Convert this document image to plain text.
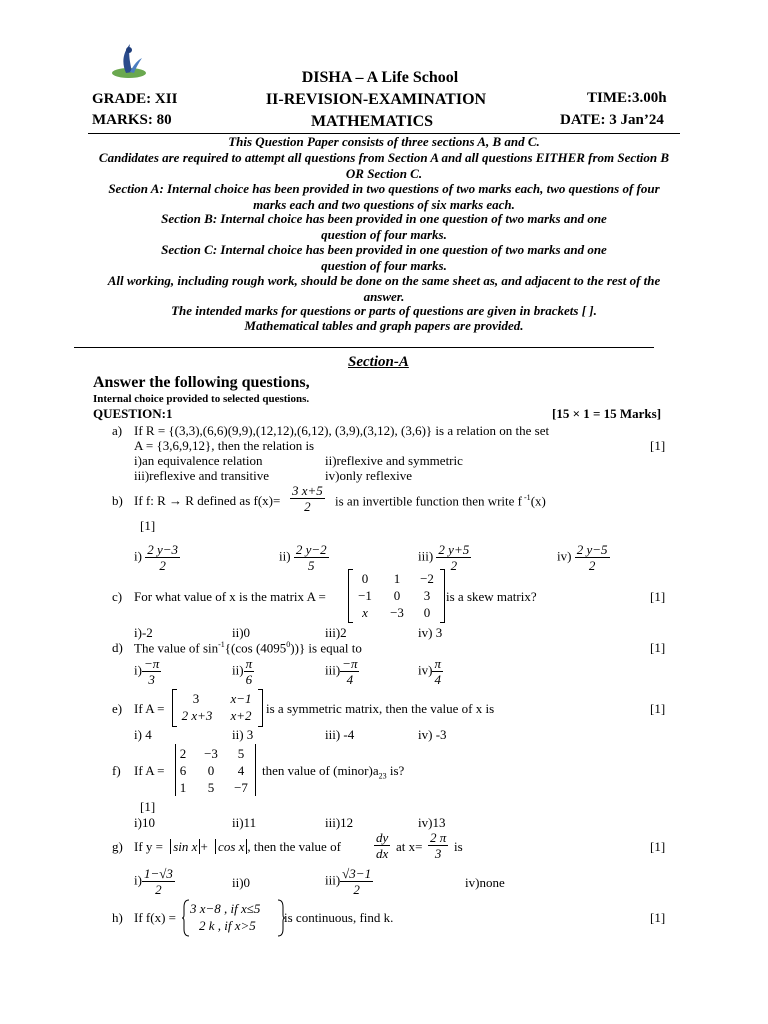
DISHA – A Life School
II-REVISION-EXAMINATION
MATHEMATICS
GRADE: XII
MARKS: 80
TIME:3.00h
DATE: 3 Jan’24
This Question Paper consists of three sections A, B and C.
Candidates are required to attempt all questions from Section A and all questions EITHER from Section B OR Section C.
Section A: Internal choice has been provided in two questions of two marks each, two questions of four marks each and two questions of six marks each.
Section B: Internal choice has been provided in one question of two marks and one question of four marks.
Section C: Internal choice has been provided in one question of two marks and one question of four marks.
All working, including rough work, should be done on the same sheet as, and adjacent to the rest of the answer.
The intended marks for questions or parts of questions are given in brackets [ ].
Mathematical tables and graph papers are provided.
Section-A
Answer the following questions,
Internal choice provided to selected questions.
QUESTION:1	[15 × 1 = 15 Marks]
a) If R = {(3,3),(6,6)(9,9),(12,12),(6,12), (3,9),(3,12), (3,6)} is a relation on the set
A = {3,6,9,12}, then the relation is	[1]
i)an equivalence relation	ii)reflexive and symmetric
iii)reflexive and transitive	iv)only reflexive
b) If f: R → R defined as $f(x)= \frac{3 x+5}{2}$ is an invertible function then write f $^{-1}$(x)
[1]
$i) \frac{2 y-3}{2}$	$ii) \frac{2 y-2}{5}$	$iii) \frac{2 y+5}{2}$	$iv) \frac{2 y-5}{2}$
c) For what value of x is the matrix A =
0	1	−2
−1	0	3
x	−3	0
is a skew matrix?	[1]
i)-2	ii)0	iii)2	iv) 3
d) The value of $\sin^{-1}\{(\cos$ (4095$^0$))} is equal to	[1]
$i) \frac{-\pi}{3}$	$ii) \frac{\pi}{6}$	$iii) \frac{-\pi}{4}$	$iv) \frac{\pi}{4}$
e) If A =
3	x−1
2 x+3	x+2	is a symmetric matrix, then the value of x is	[1]
i) 4	ii) 3	iii) -4	iv) -3
f) If A =
2	−3	5
6	0	4
1	5	−7
then value of $(minor)a_{23}$ is?
[1]
i)10	ii)11	iii)12	iv)13
g) If y = sin x + cos x , then the value of	$\frac{dy}{dx}$ at $x= \frac{2 \pi}{3}$ is	[1]
$i) \frac{1-√3}{2}$	ii)0	$iii) \frac{√3-1}{2}$	iv)none
h) If f(x) =
3 x−8 , if x≤5
2 k , if x>5
is continuous, find k.	[1]
